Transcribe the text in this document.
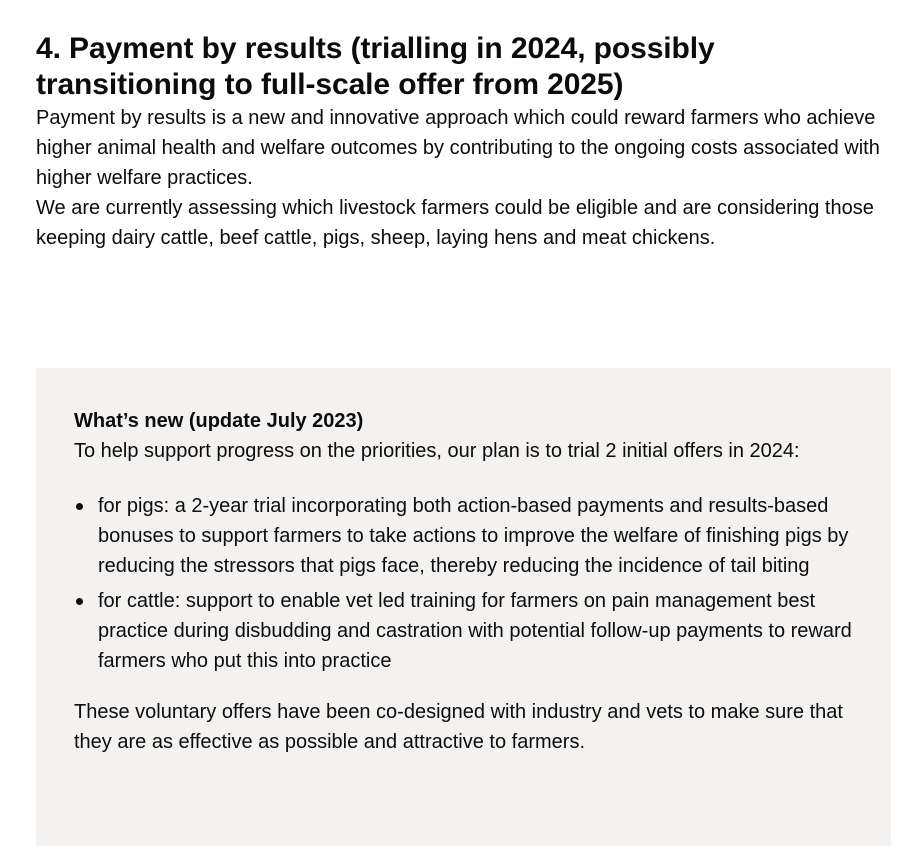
4. Payment by results (trialling in 2024, possibly transitioning to full-scale offer from 2025)

Payment by results is a new and innovative approach which could reward farmers who achieve higher animal health and welfare outcomes by contributing to the ongoing costs associated with higher welfare practices.

We are currently assessing which livestock farmers could be eligible and are considering those keeping dairy cattle, beef cattle, pigs, sheep, laying hens and meat chickens.

What’s new (update July 2023)

To help support progress on the priorities, our plan is to trial 2 initial offers in 2024:

for pigs: a 2-year trial incorporating both action-based payments and results-based bonuses to support farmers to take actions to improve the welfare of finishing pigs by reducing the stressors that pigs face, thereby reducing the incidence of tail biting
for cattle: support to enable vet led training for farmers on pain management best practice during disbudding and castration with potential follow-up payments to reward farmers who put this into practice

These voluntary offers have been co-designed with industry and vets to make sure that they are as effective as possible and attractive to farmers.
